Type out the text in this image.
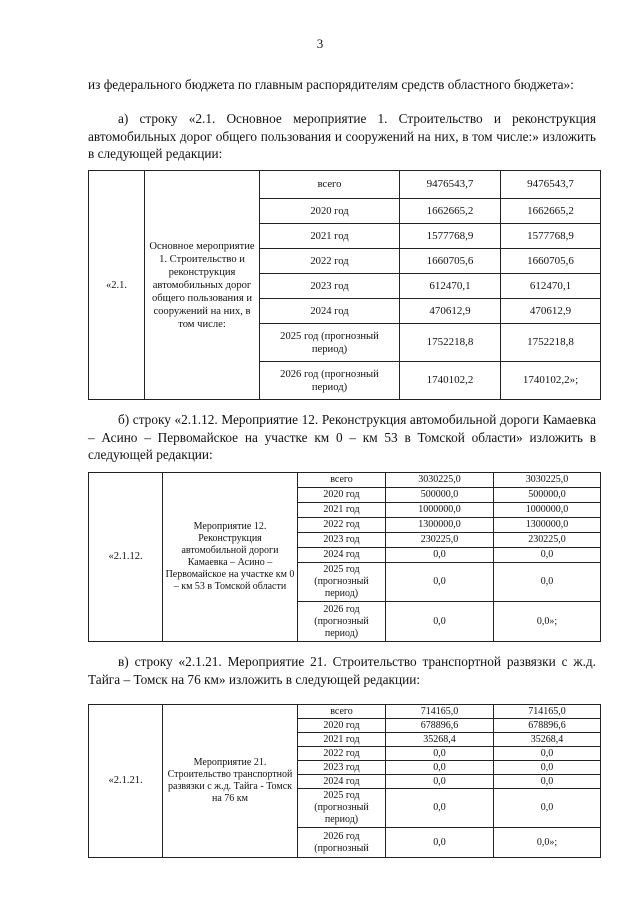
3
из федерального бюджета по главным распорядителям средств областного бюджета»:
а) строку «2.1. Основное мероприятие 1. Строительство и реконструкция автомобильных дорог общего пользования и сооружений на них, в том числе:» изложить в следующей редакции:
«2.1.	Основное мероприятие 1. Строительство и реконструкция автомобильных дорог общего пользования и сооружений на них, в том числе:	всего	9476543,7	9476543,7
		2020 год	1662665,2	1662665,2
		2021 год	1577768,9	1577768,9
		2022 год	1660705,6	1660705,6
		2023 год	612470,1	612470,1
		2024 год	470612,9	470612,9
		2025 год (прогнозный период)	1752218,8	1752218,8
		2026 год (прогнозный период)	1740102,2	1740102,2»;
б) строку «2.1.12. Мероприятие 12. Реконструкция автомобильной дороги Камаевка – Асино – Первомайское на участке км 0 – км 53 в Томской области» изложить в следующей редакции:
«2.1.12.	Мероприятие 12. Реконструкция автомобильной дороги Камаевка – Асино – Первомайское на участке км 0 – км 53 в Томской области	всего	3030225,0	3030225,0
		2020 год	500000,0	500000,0
		2021 год	1000000,0	1000000,0
		2022 год	1300000,0	1300000,0
		2023 год	230225,0	230225,0
		2024 год	0,0	0,0
		2025 год (прогнозный период)	0,0	0,0
		2026 год (прогнозный период)	0,0	0,0»;
в) строку «2.1.21. Мероприятие 21. Строительство транспортной развязки с ж.д. Тайга – Томск на 76 км» изложить в следующей редакции:
«2.1.21.	Мероприятие 21. Строительство транспортной развязки с ж.д. Тайга - Томск на 76 км	всего	714165,0	714165,0
		2020 год	678896,6	678896,6
		2021 год	35268,4	35268,4
		2022 год	0,0	0,0
		2023 год	0,0	0,0
		2024 год	0,0	0,0
		2025 год (прогнозный период)	0,0	0,0
		2026 год (прогнозный	0,0	0,0»;
